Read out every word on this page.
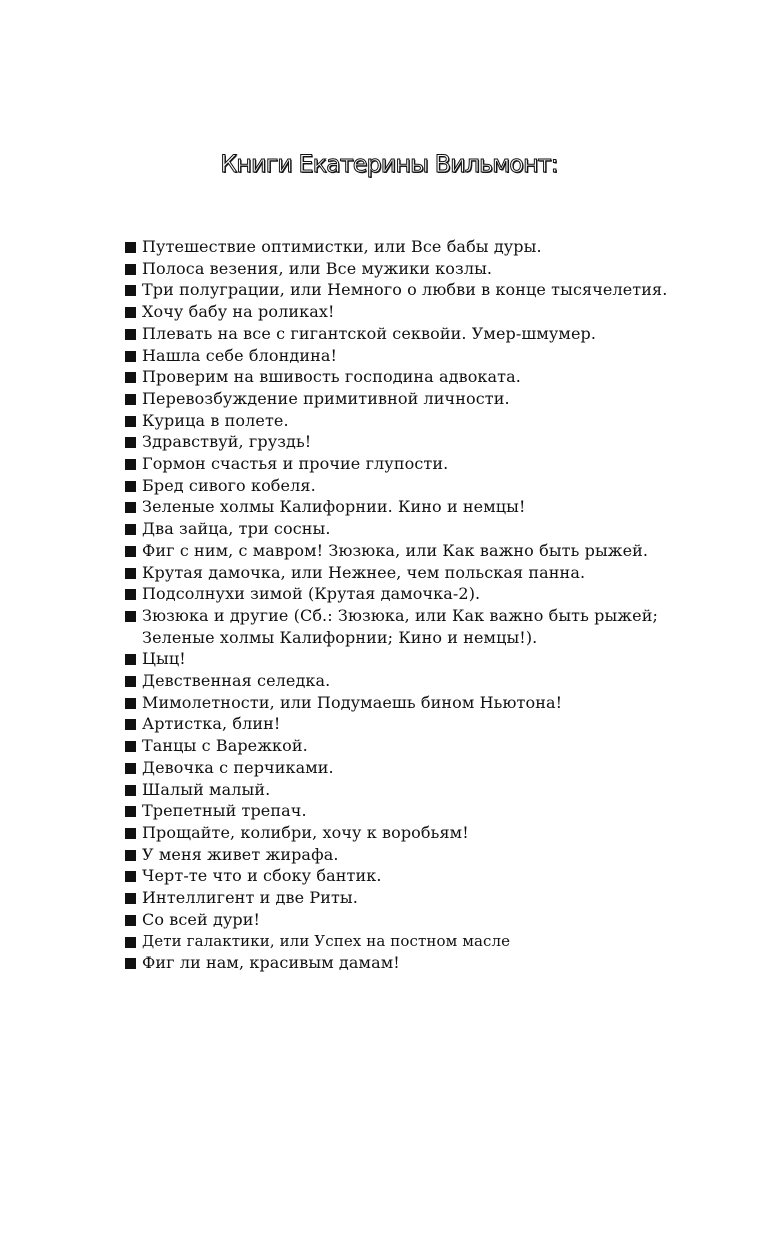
Книги Екатерины Вильмонт:
Путешествие оптимистки, или Все бабы дуры.
Полоса везения, или Все мужики козлы.
Три полуграции, или Немного о любви в конце тысячелетия.
Хочу бабу на роликах!
Плевать на все с гигантской секвойи. Умер-шмумер.
Нашла себе блондина!
Проверим на вшивость господина адвоката.
Перевозбуждение примитивной личности.
Курица в полете.
Здравствуй, груздь!
Гормон счастья и прочие глупости.
Бред сивого кобеля.
Зеленые холмы Калифорнии. Кино и немцы!
Два зайца, три сосны.
Фиг с ним, с мавром! Зюзюка, или Как важно быть рыжей.
Крутая дамочка, или Нежнее, чем польская панна.
Подсолнухи зимой (Крутая дамочка-2).
Зюзюка и другие (Сб.: Зюзюка, или Как важно быть рыжей; Зеленые холмы Калифорнии; Кино и немцы!).
Цыц!
Девственная селедка.
Мимолетности, или Подумаешь бином Ньютона!
Артистка, блин!
Танцы с Варежкой.
Девочка с перчиками.
Шалый малый.
Трепетный трепач.
Прощайте, колибри, хочу к воробьям!
У меня живет жирафа.
Черт-те что и сбоку бантик.
Интеллигент и две Риты.
Со всей дури!
Дети галактики, или Успех на постном масле
Фиг ли нам, красивым дамам!
